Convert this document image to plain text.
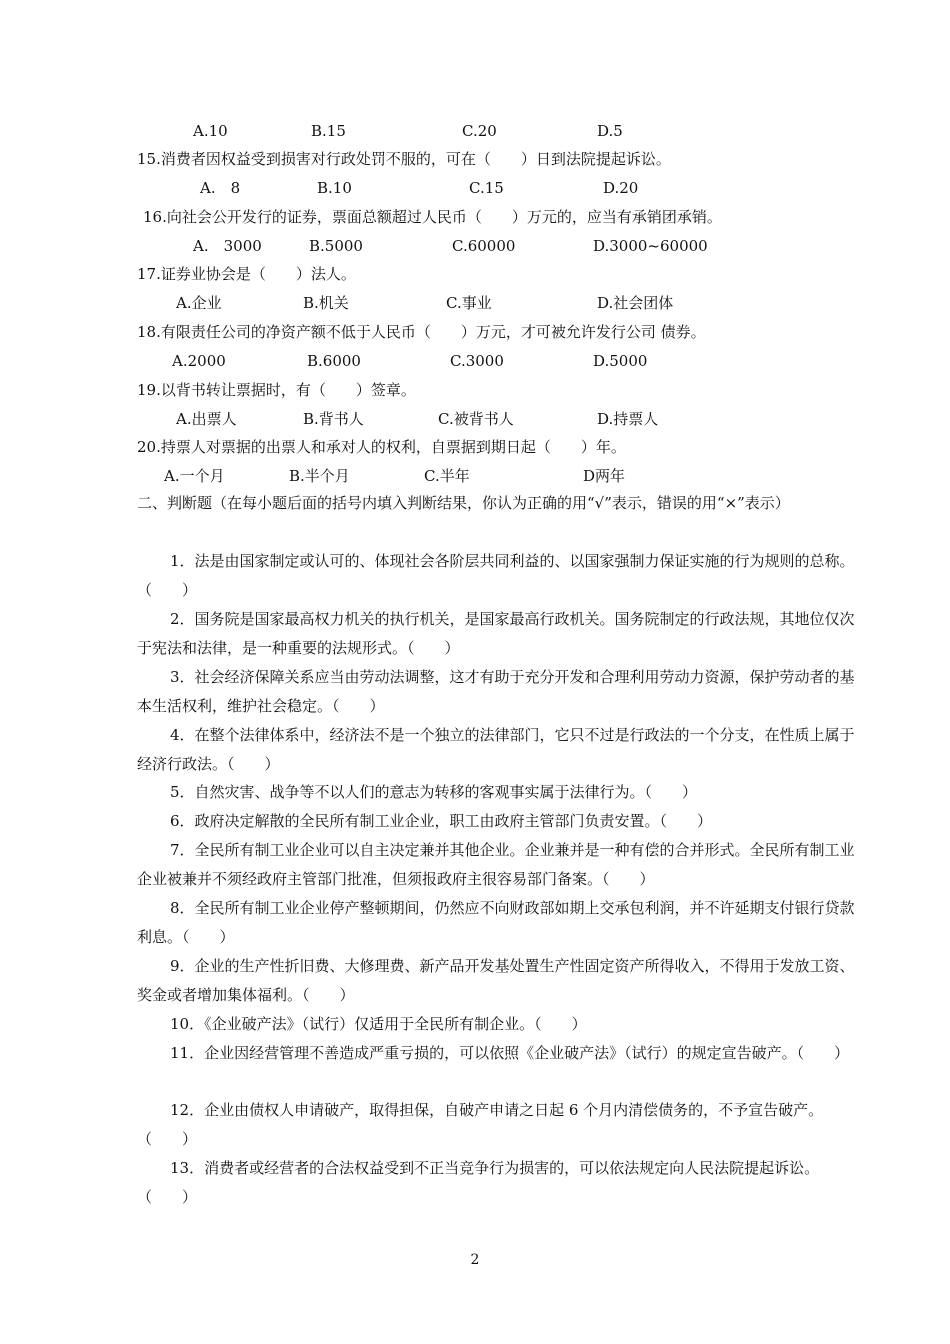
A.10	B.15	C.20	D.5
15.消费者因权益受到损害对行政处罚不服的，可在（　　）日到法院提起诉讼。
A.　8	B.10	C.15	D.20
16.向社会公开发行的证券，票面总额超过人民币（　　）万元的，应当有承销团承销。
A.　3000	B.5000	C.60000	D.3000~60000
17.证券业协会是（　　）法人。
A.企业	B.机关	C.事业	D.社会团体
18.有限责任公司的净资产额不低于人民币（　　）万元，才可被允许发行公司 债券。
A.2000	B.6000	C.3000	D.5000
19.以背书转让票据时，有（　　）签章。
A.出票人	B.背书人	C.被背书人	D.持票人
20.持票人对票据的出票人和承对人的权利，自票据到期日起（　　）年。
A.一个月	B.半个月	C.半年	D两年
二、判断题（在每小题后面的括号内填入判断结果，你认为正确的用“√”表示，错误的用“×”表示）
1．法是由国家制定或认可的、体现社会各阶层共同利益的、以国家强制力保证实施的行为规则的总称。（　　）
2．国务院是国家最高权力机关的执行机关，是国家最高行政机关。国务院制定的行政法规，其地位仅次于宪法和法律，是一种重要的法规形式。（　　）
3．社会经济保障关系应当由劳动法调整，这才有助于充分开发和合理利用劳动力资源，保护劳动者的基本生活权利，维护社会稳定。（　　）
4．在整个法律体系中，经济法不是一个独立的法律部门，它只不过是行政法的一个分支，在性质上属于经济行政法。（　　）
5．自然灾害、战争等不以人们的意志为转移的客观事实属于法律行为。（　　）
6．政府决定解散的全民所有制工业企业，职工由政府主管部门负责安置。（　　）
7．全民所有制工业企业可以自主决定兼并其他企业。企业兼并是一种有偿的合并形式。全民所有制工业企业被兼并不须经政府主管部门批准，但须报政府主很容易部门备案。（　　）
8．全民所有制工业企业停产整顿期间，仍然应不向财政部如期上交承包利润，并不许延期支付银行贷款利息。（　　）
9．企业的生产性折旧费、大修理费、新产品开发基处置生产性固定资产所得收入，不得用于发放工资、奖金或者增加集体福利。（　　）
10．《企业破产法》（试行）仅适用于全民所有制企业。（　　）
11．企业因经营管理不善造成严重亏损的，可以依照《企业破产法》（试行）的规定宣告破产。（　　）
12．企业由债权人申请破产，取得担保，自破产申请之日起 6 个月内清偿债务的，不予宣告破产。（　　）
13．消费者或经营者的合法权益受到不正当竞争行为损害的，可以依法规定向人民法院提起诉讼。（　　）
2
